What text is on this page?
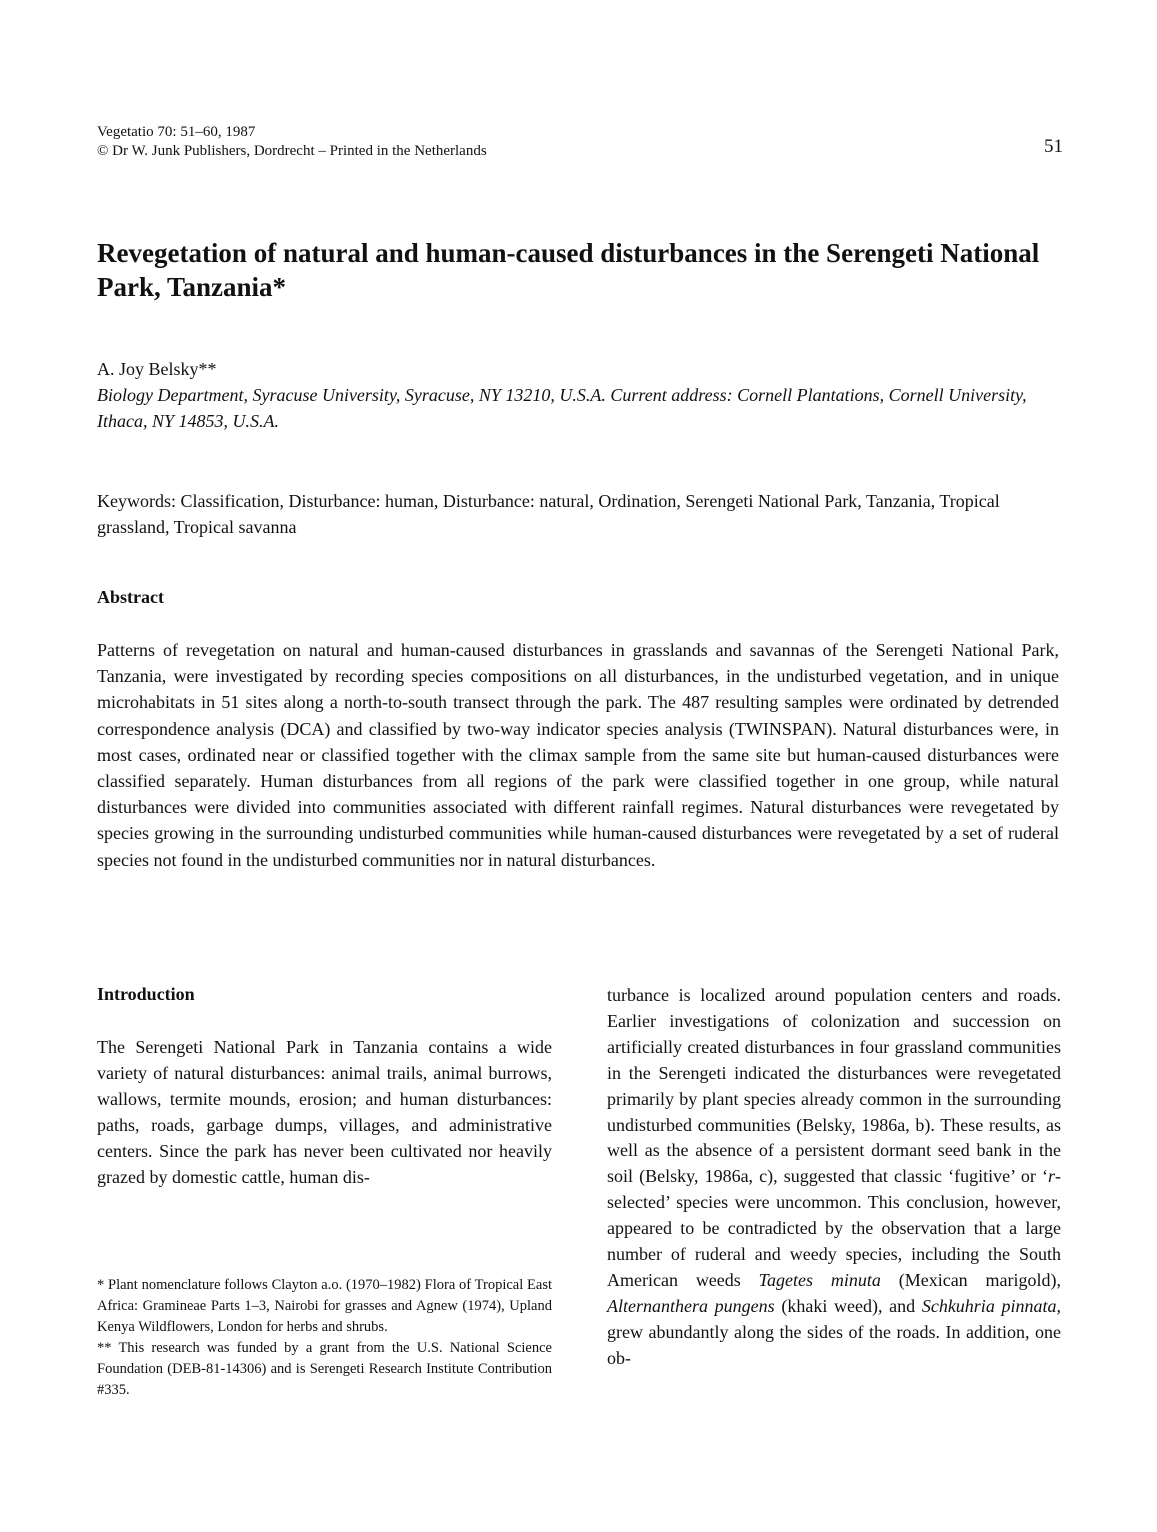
Vegetatio 70: 51–60, 1987
© Dr W. Junk Publishers, Dordrecht – Printed in the Netherlands	51
Revegetation of natural and human-caused disturbances in the Serengeti National Park, Tanzania*
A. Joy Belsky**
Biology Department, Syracuse University, Syracuse, NY 13210, U.S.A. Current address: Cornell Plantations, Cornell University, Ithaca, NY 14853, U.S.A.
Keywords: Classification, Disturbance: human, Disturbance: natural, Ordination, Serengeti National Park, Tanzania, Tropical grassland, Tropical savanna
Abstract

Patterns of revegetation on natural and human-caused disturbances in grasslands and savannas of the Serengeti National Park, Tanzania, were investigated by recording species compositions on all disturbances, in the undisturbed vegetation, and in unique microhabitats in 51 sites along a north-to-south transect through the park. The 487 resulting samples were ordinated by detrended correspondence analysis (DCA) and classified by two-way indicator species analysis (TWINSPAN). Natural disturbances were, in most cases, ordinated near or classified together with the climax sample from the same site but human-caused disturbances were classified separately. Human disturbances from all regions of the park were classified together in one group, while natural disturbances were divided into communities associated with different rainfall regimes. Natural disturbances were revegetated by species growing in the surrounding undisturbed communities while human-caused disturbances were revegetated by a set of ruderal species not found in the undisturbed communities nor in natural disturbances.

Introduction

The Serengeti National Park in Tanzania contains a wide variety of natural disturbances: animal trails, animal burrows, wallows, termite mounds, erosion; and human disturbances: paths, roads, garbage dumps, villages, and administrative centers. Since the park has never been cultivated nor heavily grazed by domestic cattle, human dis-

* Plant nomenclature follows Clayton a.o. (1970–1982) Flora of Tropical East Africa: Gramineae Parts 1–3, Nairobi for grasses and Agnew (1974), Upland Kenya Wildflowers, London for herbs and shrubs.

** This research was funded by a grant from the U.S. National Science Foundation (DEB-81-14306) and is Serengeti Research Institute Contribution #335.

turbance is localized around population centers and roads. Earlier investigations of colonization and succession on artificially created disturbances in four grassland communities in the Serengeti indicated the disturbances were revegetated primarily by plant species already common in the surrounding undisturbed communities (Belsky, 1986a, b). These results, as well as the absence of a persistent dormant seed bank in the soil (Belsky, 1986a, c), suggested that classic ‘fugitive’ or ‘r-selected’ species were uncommon. This conclusion, however, appeared to be contradicted by the observation that a large number of ruderal and weedy species, including the South American weeds Tagetes minuta (Mexican marigold), Alternanthera pungens (khaki weed), and Schkuhria pinnata, grew abundantly along the sides of the roads. In addition, one ob-
